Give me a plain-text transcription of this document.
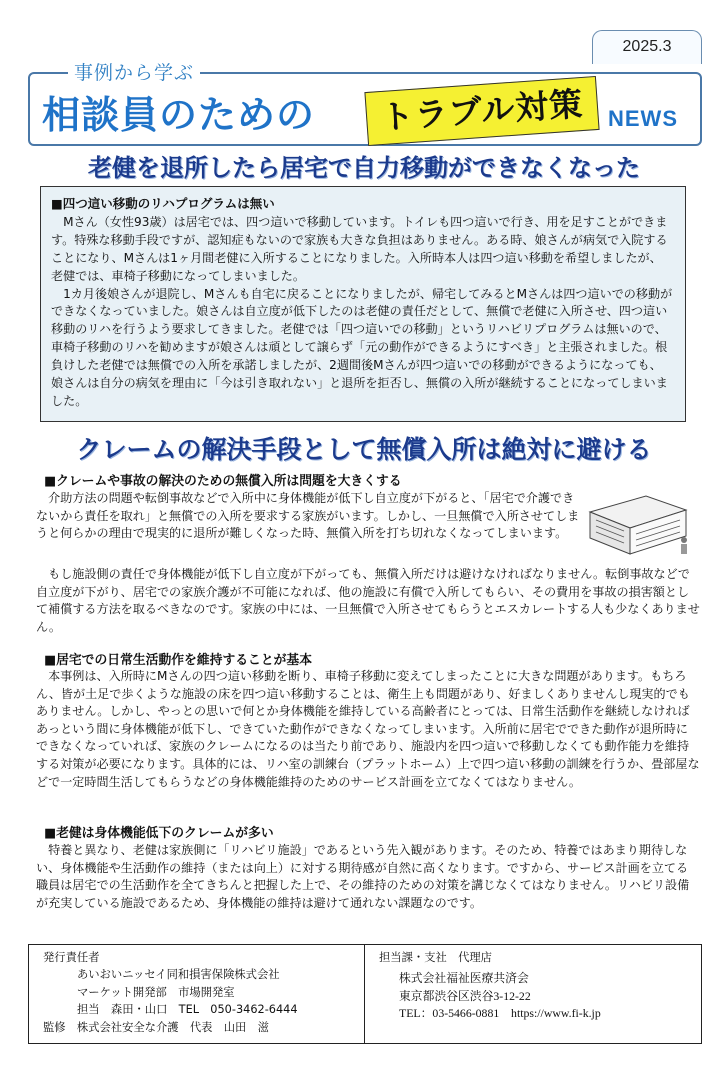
2025.3
事例から学ぶ
相談員のための	トラブル対策	NEWS
老健を退所したら居宅で自力移動ができなくなった
■四つ這い移動のリハプログラムは無い

Mさん（女性93歳）は居宅では、四つ這いで移動しています。トイレも四つ這いで行き、用を足すことができます。特殊な移動手段ですが、認知症もないので家族も大きな負担はありません。ある時、娘さんが病気で入院することになり、Mさんは1ヶ月間老健に入所することになりました。入所時本人は四つ這い移動を希望しましたが、老健では、車椅子移動になってしまいました。

1カ月後娘さんが退院し、Mさんも自宅に戻ることになりましたが、帰宅してみるとMさんは四つ這いでの移動ができなくなっていました。娘さんは自立度が低下したのは老健の責任だとして、無償で老健に入所させ、四つ這い移動のリハを行うよう要求してきました。老健では「四つ這いでの移動」というリハビリプログラムは無いので、車椅子移動のリハを勧めますが娘さんは頑として譲らず「元の動作ができるようにすべき」と主張されました。根負けした老健では無償での入所を承諾しましたが、2週間後Mさんが四つ這いでの移動ができるようになっても、娘さんは自分の病気を理由に「今は引き取れない」と退所を拒否し、無償の入所が継続することになってしまいました。

クレームの解決手段として無償入所は絶対に避ける
■クレームや事故の解決のための無償入所は問題を大きくする

介助方法の問題や転倒事故などで入所中に身体機能が低下し自立度が下がると、「居宅で介護できないから責任を取れ」と無償での入所を要求する家族がいます。しかし、一旦無償で入所させてしまうと何らかの理由で現実的に退所が難しくなった時、無償入所を打ち切れなくなってしまいます。

もし施設側の責任で身体機能が低下し自立度が下がっても、無償入所だけは避けなければなりません。転倒事故などで自立度が下がり、居宅での家族介護が不可能になれば、他の施設に有償で入所してもらい、その費用を事故の損害額として補償する方法を取るべきなのです。家族の中には、一旦無償で入所させてもらうとエスカレートする人も少なくありません。

■居宅での日常生活動作を維持することが基本

本事例は、入所時にMさんの四つ這い移動を断り、車椅子移動に変えてしまったことに大きな問題があります。もちろん、皆が土足で歩くような施設の床を四つ這い移動することは、衛生上も問題があり、好ましくありませんし現実的でもありません。しかし、やっとの思いで何とか身体機能を維持している高齢者にとっては、日常生活動作を継続しなければあっという間に身体機能が低下し、できていた動作ができなくなってしまいます。入所前に居宅でできた動作が退所時にできなくなっていれば、家族のクレームになるのは当たり前であり、施設内を四つ這いで移動しなくても動作能力を維持する対策が必要になります。具体的には、リハ室の訓練台（プラットホーム）上で四つ這い移動の訓練を行うか、畳部屋などで一定時間生活してもらうなどの身体機能維持のためのサービス計画を立てなくてはなりません。

■老健は身体機能低下のクレームが多い

特養と異なり、老健は家族側に「リハビリ施設」であるという先入観があります。そのため、特養ではあまり期待しない、身体機能や生活動作の維持（または向上）に対する期待感が自然に高くなります。ですから、サービス計画を立てる職員は居宅での生活動作を全てきちんと把握した上で、その維持のための対策を講じなくてはなりません。リハビリ設備が充実している施設であるため、身体機能の維持は避けて通れない課題なのです。

発行責任者
あいおいニッセイ同和損害保険株式会社
マーケット開発部　市場開発室
担当　森田・山口　TEL　050-3462-6444
監修　株式会社安全な介護　代表　山田　滋
担当課・支社　代理店
株式会社福祉医療共済会
東京都渋谷区渋谷3-12-22
TEL：03-5466-0881　https://www.fi-k.jp
